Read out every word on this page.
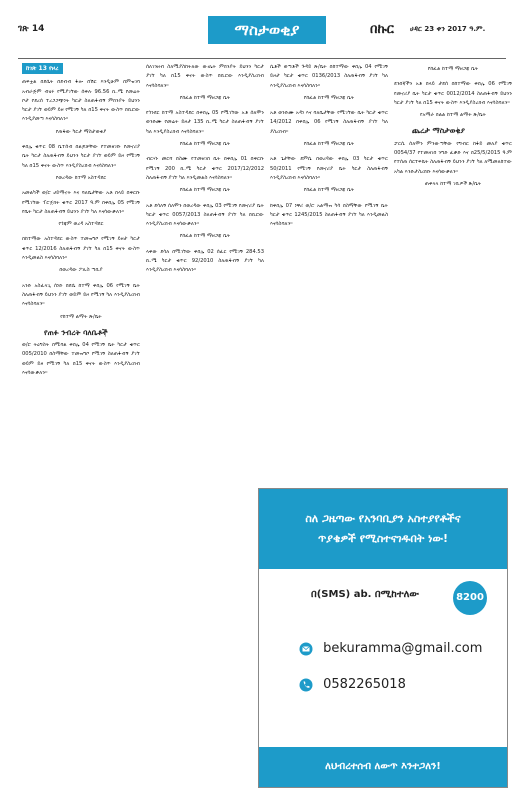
ገጽ 14	ማስታወቂያ	በኩር ሀዳር 23 ቀን 2017 ዓ.ም.
ከገጽ 13 የዞረ

ጠፍቷል በደሴት በደብብ ፋሎ በሽር እንዲሁም በምዝገባ አብራጅም ብሄሩ የሚያገኘው ሰቀሉ 96.56 ኪ.ሜ የመሬት ቦታ የደረሰ ተረጋጋጭነት ካርታ ስለጠፋብኝ ምክንያት ይህንን ካርታ ያገኘ ወይም ይዞ የሚገኝ ካለ በ15 ቀናት ውስጥ በቢሮው እንዲያመጣ እናሳስባለን።

የጠፋው ካርታ ማስታወቂያ

ቀበሌ ቁጥር 08 ቤተሰብ በልጆቻቸው የተመዘገቡ የመኖሪያ ቤት ካርታ ስለጠፋብኝ ይህንን ካርታ ያገኘ ወይም ይዞ የሚገኝ ካለ በ15 ቀናት ውስጥ እንዲያስረክብ እናሳስባለን።

የወረዳው ከተማ አስተዳደር

አመልካች ወ/ሮ ሀይማኖት እና ባለቤታቸው አቶ በላይ በቅርቡ የሚገኘው ፕሮጀክት ቁጥር 2017 ዓ.ም በቀበሌ 05 የሚገኝ የቤት ካርታ ስለጠፋብኝ ይህንን ያገኘ ካለ እናሳውቃለን።

የጎጃም ወረዳ አስተዳደር

በከተማው አስተዳደር ውስጥ ተመዝግቦ የሚገኝ ይዞታ ካርታ ቁጥር 12/2016 ስለጠፋብኝ ያገኘ ካለ በ15 ቀናት ውስጥ እንዲመልስ እናሳስባለን።

በወረዳው ፖሊስ ጣቢያ

አንድ አስፈላጊ ሰነድ በደሴ ከተማ ቀበሌ 06 የሚገኝ ቤት ስለጠፋብኝ ይህንን ያገኘ ወይም ይዞ የሚገኝ ካለ እንዲያስረክብ እናሳስባለን።

የከተማ ልማት ጽ/ቤት
የጠፉ ንብረት ባለቤቶች

ወ/ሮ ትዕግስት በሚባል ቀበሌ 04 የሚገኝ ቤት ካርታ ቁጥር 005/2010 በስማቸው ተመዝግቦ የሚገኝ ስለጠፋብኝ ያገኘ ወይም ይዞ የሚገኝ ካለ በ15 ቀናት ውስጥ እንዲያስረክብ እናሳውቃለን።

ሰለገንዘብ ስለሚያስከትለው ውጤት ምክንያት ይህንን ካርታ ያገኘ ካለ በ15 ቀናት ውስጥ በቢሮው እንዲያስረክብ እናሳስባለን።

የከፈል ከተማ ማዘጋጃ ቤት

የጎንደር ከተማ አስተዳደር በቀበሌ 05 የሚገኘው አቶ ሰለሞን ወንድሙ የመሬት ይዞታ 135 ኪ.ሜ ካርታ ስለጠፋብኝ ያገኘ ካለ እንዲያስረክብ እናሳስባለን።

የከፈል ከተማ ማዘጋጃ ቤት

ብርሃኑ መርሻ በስሙ የተመዘገበ ቤት በቀበሌ 01 በቅርቡ የሚገኝ 200 ኪ.ሜ ካርታ ቁጥር 2017/12/2012 ስለጠፋብኝ ያገኘ ካለ እንዲመልስ እናሳስባለን።

የከፈል ከተማ ማዘጋጃ ቤት

አቶ ደሳለኝ ሰለሞን በወረዳው ቀበሌ 03 የሚገኝ የመኖሪያ ቤት ካርታ ቁጥር 0057/2013 ስለጠፋብኝ ያገኘ ካለ በቢሮው እንዲያስረክብ እናሳውቃለን።

የከፈል ከተማ ማዘጋጃ ቤት

ላቀው ደሳለ በሚገኘው ቀበሌ 02 ሰፈር የሚገኝ 284.53 ኪ.ሜ ካርታ ቁጥር 92/2010 ስለጠፋብኝ ያገኘ ካለ እንዲያስረክብ እናሳስባለን።

ሴቶች ወጣቶች ጉዳይ ጽ/ቤት በከተማው ቀበሌ 04 የሚገኝ ይዞታ ካርታ ቁጥር 0136/2013 ስለጠፋብኝ ያገኘ ካለ እንዲያስረክብ እናሳስባለን።

የከፈል ከተማ ማዘጋጃ ቤት

አቶ ወንድሙ አዳነ እና ባለቤታቸው የሚገኘው ቤት ካርታ ቁጥር 14/2012 በቀበሌ 06 የሚገኝ ስለጠፋብኝ ያገኘ ካለ ያስረክብ።

የከፈል ከተማ ማዘጋጃ ቤት

አቶ ጌታቸው ደምሴ በወረዳው ቀበሌ 03 ካርታ ቁጥር 50/2011 የሚገኝ የመኖሪያ ቤት ካርታ ስለጠፋብኝ እንዲያስረክብ እናሳስባለን።

የከፈል ከተማ ማዘጋጃ ቤት

ከቀበሌ 07 ነዋሪ ወ/ሮ አልማዝ ካሳ በስማቸው የሚገኝ ቤት ካርታ ቁጥር 1245/2015 ስለጠፋብኝ ያገኘ ካለ እንዲመልስ እናሳስባለን።

የከፈል ከተማ ማዘጋጃ ቤት

ደንበኛችን አቶ በላይ ታደሰ በከተማው ቀበሌ 06 የሚገኝ የመኖሪያ ቤት ካርታ ቁጥር 0012/2014 ስለጠፋብኝ ይህንን ካርታ ያገኘ ካለ በ15 ቀናት ውስጥ እንዲያስረክብ እናሳስባለን።

የአማራ ክልል ከተማ ልማት ጽ/ቤት
ጨረታ ማስታወቂያ

ፓርሲ ሰለሞን ምንውጣቸው የግብር ከፋይ መለያ ቁጥር 0054/37 የተመዘገበ ንግድ ፈቃድ እና በ25/5/2015 ዓ.ም የተሰጠ ሰርተፍኬት ስለጠፋብኝ ይህንን ያገኘ ካለ ለሚመለከተው አካል እንድታስረክቡ እናሳውቃለን።

ጠቅላላ ከተማ ገቢዎች ጽ/ቤት
ስለ ጋዜጣው የአንባቢያን አስተያየቶችና
ጥያቄዎች የሚስተናገዱበት ነው!
በ(SMS) ab. በሚከተለው	8200
bekuramma@gmail.com
0582265018
ለህብረተሰብ ለውጥ እንተጋለን!
